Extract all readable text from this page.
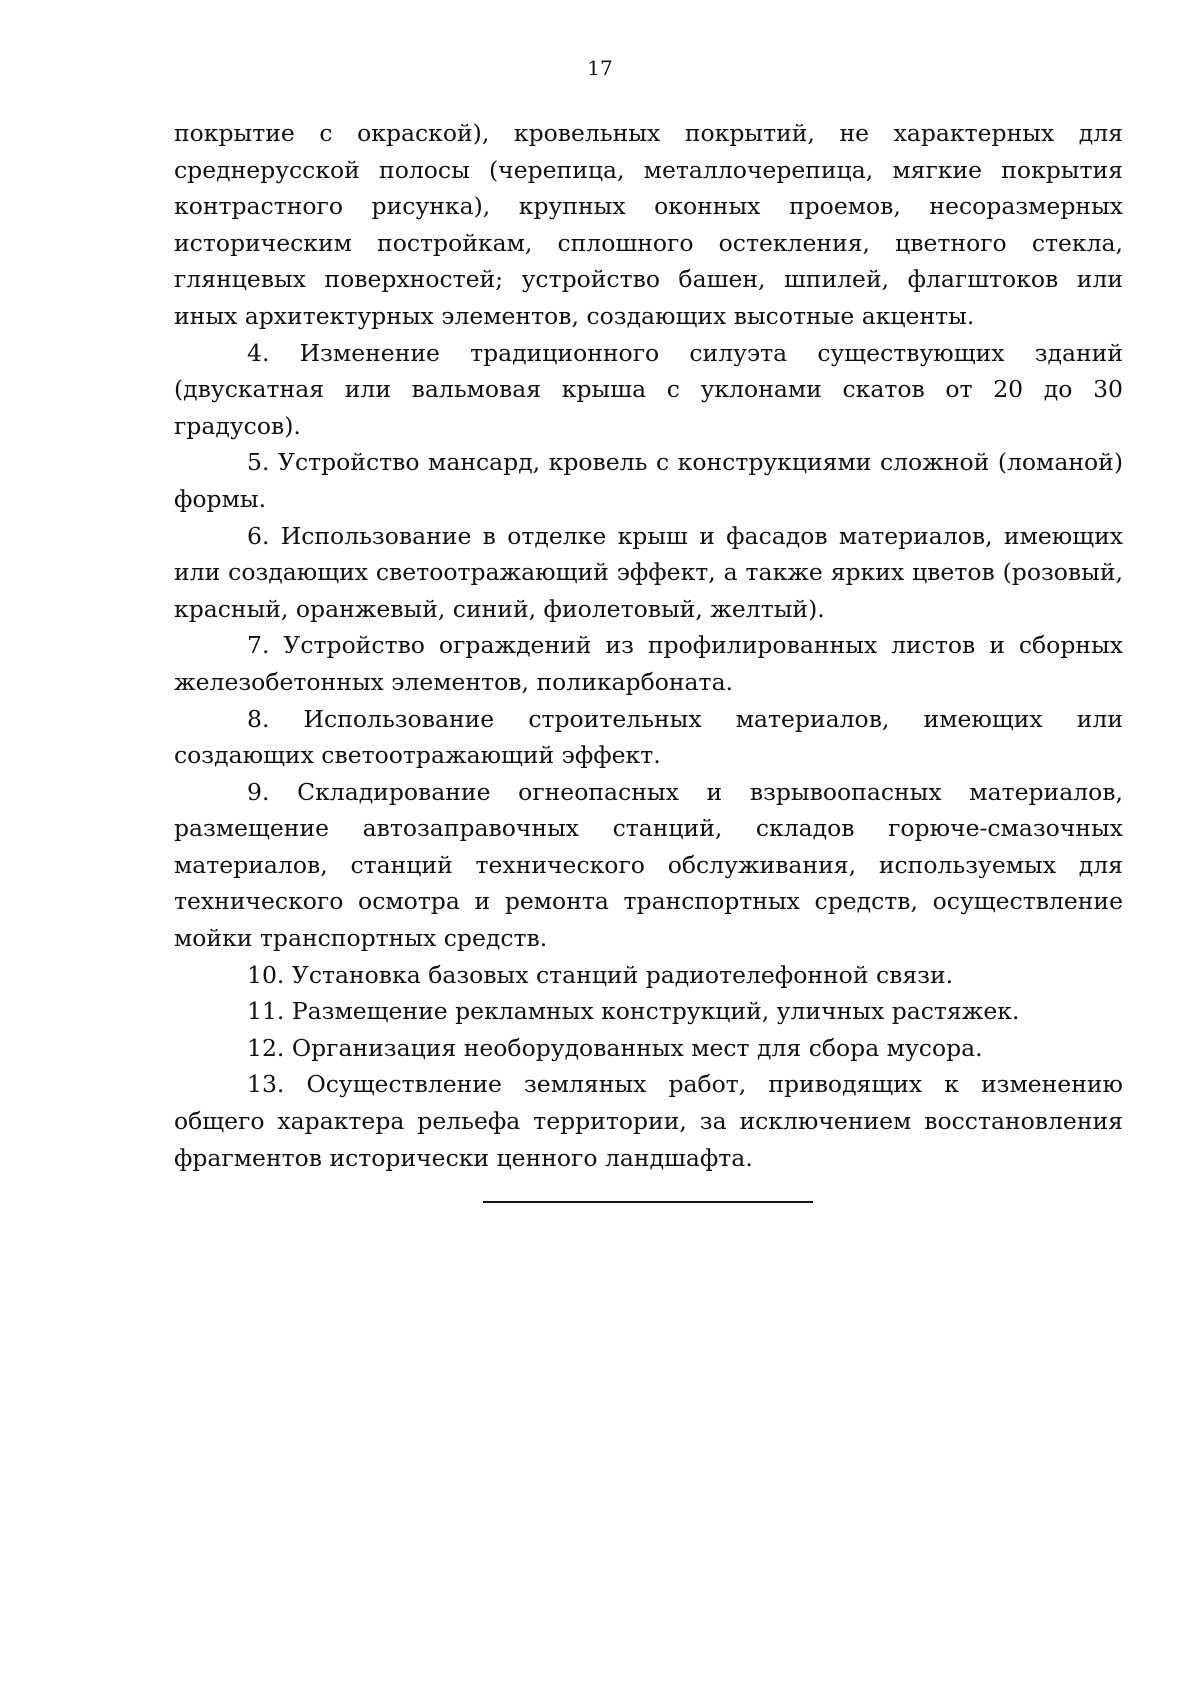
17

покрытие с окраской), кровельных покрытий, не характерных для среднерусской полосы (черепица, металлочерепица, мягкие покрытия контрастного рисунка), крупных оконных проемов, несоразмерных историческим постройкам, сплошного остекления, цветного стекла, глянцевых поверхностей; устройство башен, шпилей, флагштоков или иных архитектурных элементов, создающих высотные акценты.

4. Изменение традиционного силуэта существующих зданий (двускатная или вальмовая крыша с уклонами скатов от 20 до 30 градусов).

5. Устройство мансард, кровель с конструкциями сложной (ломаной) формы.

6. Использование в отделке крыш и фасадов материалов, имеющих или создающих светоотражающий эффект, а также ярких цветов (розовый, красный, оранжевый, синий, фиолетовый, желтый).

7. Устройство ограждений из профилированных листов и сборных железобетонных элементов, поликарбоната.

8. Использование строительных материалов, имеющих или создающих светоотражающий эффект.

9. Складирование огнеопасных и взрывоопасных материалов, размещение автозаправочных станций, складов горюче-смазочных материалов, станций технического обслуживания, используемых для технического осмотра и ремонта транспортных средств, осуществление мойки транспортных средств.

10. Установка базовых станций радиотелефонной связи.

11. Размещение рекламных конструкций, уличных растяжек.

12. Организация необорудованных мест для сбора мусора.

13. Осуществление земляных работ, приводящих к изменению общего характера рельефа территории, за исключением восстановления фрагментов исторически ценного ландшафта.
